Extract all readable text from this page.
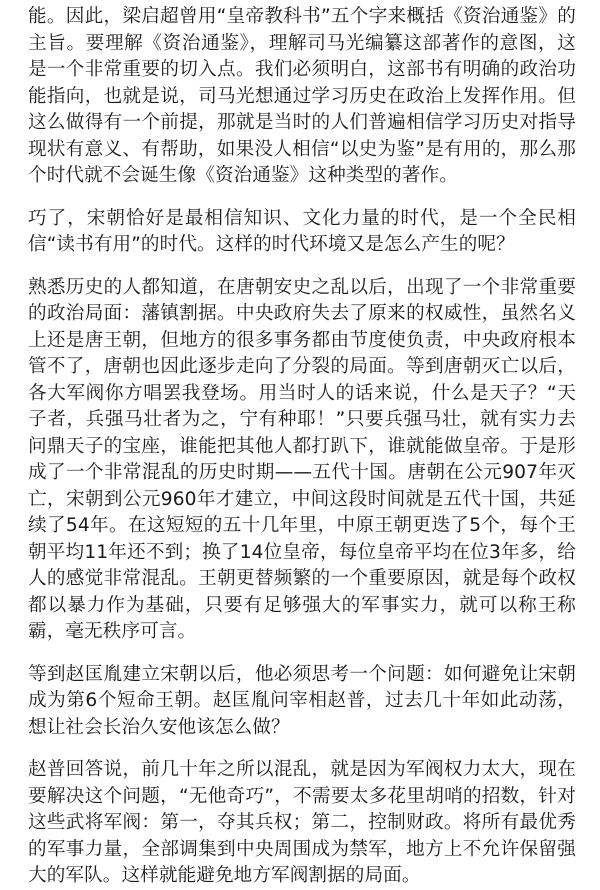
能。因此，梁启超曾用“皇帝教科书”五个字来概括《资治通鉴》的主旨。要理解《资治通鉴》，理解司马光编纂这部著作的意图，这是一个非常重要的切入点。我们必须明白，这部书有明确的政治功能指向，也就是说，司马光想通过学习历史在政治上发挥作用。但这么做得有一个前提，那就是当时的人们普遍相信学习历史对指导现状有意义、有帮助，如果没人相信“以史为鉴”是有用的，那么那个时代就不会诞生像《资治通鉴》这种类型的著作。

巧了，宋朝恰好是最相信知识、文化力量的时代，是一个全民相信“读书有用”的时代。这样的时代环境又是怎么产生的呢？

熟悉历史的人都知道，在唐朝安史之乱以后，出现了一个非常重要的政治局面：藩镇割据。中央政府失去了原来的权威性，虽然名义上还是唐王朝，但地方的很多事务都由节度使负责，中央政府根本管不了，唐朝也因此逐步走向了分裂的局面。等到唐朝灭亡以后，各大军阀你方唱罢我登场。用当时人的话来说，什么是天子？“天子者，兵强马壮者为之，宁有种耶！”只要兵强马壮，就有实力去问鼎天子的宝座，谁能把其他人都打趴下，谁就能做皇帝。于是形成了一个非常混乱的历史时期——五代十国。唐朝在公元907年灭亡，宋朝到公元960年才建立，中间这段时间就是五代十国，共延续了54年。在这短短的五十几年里，中原王朝更迭了5个，每个王朝平均11年还不到；换了14位皇帝，每位皇帝平均在位3年多，给人的感觉非常混乱。王朝更替频繁的一个重要原因，就是每个政权都以暴力作为基础，只要有足够强大的军事实力，就可以称王称霸，毫无秩序可言。

等到赵匡胤建立宋朝以后，他必须思考一个问题：如何避免让宋朝成为第6个短命王朝。赵匡胤问宰相赵普，过去几十年如此动荡，想让社会长治久安他该怎么做？

赵普回答说，前几十年之所以混乱，就是因为军阀权力太大，现在要解决这个问题，“无他奇巧”，不需要太多花里胡哨的招数，针对这些武将军阀：第一，夺其兵权；第二，控制财政。将所有最优秀的军事力量，全部调集到中央周围成为禁军，地方上不允许保留强大的军队。这样就能避免地方军阀割据的局面。
